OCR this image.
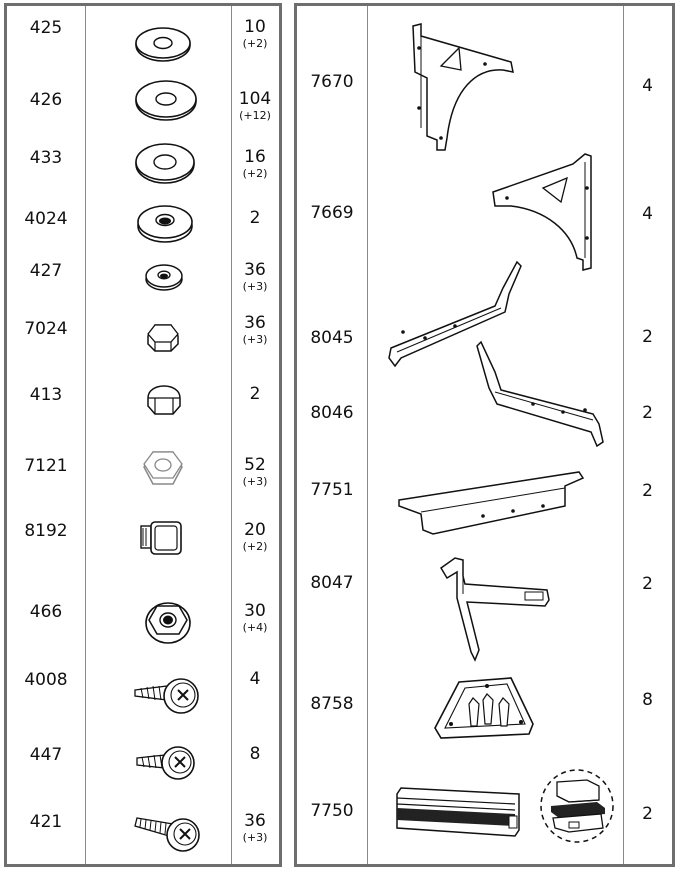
425
426
433
4024
427
7024
413
7121
8192
466
4008
447
421
10
(+2)
104
(+12)
16
(+2)
2
36
(+3)
36
(+3)
2
52
(+3)
20
(+2)
30
(+4)
4
8
36
(+3)
7670
7669
8045
8046
7751
8047
8758
7750
4
4
2
2
2
2
8
2
